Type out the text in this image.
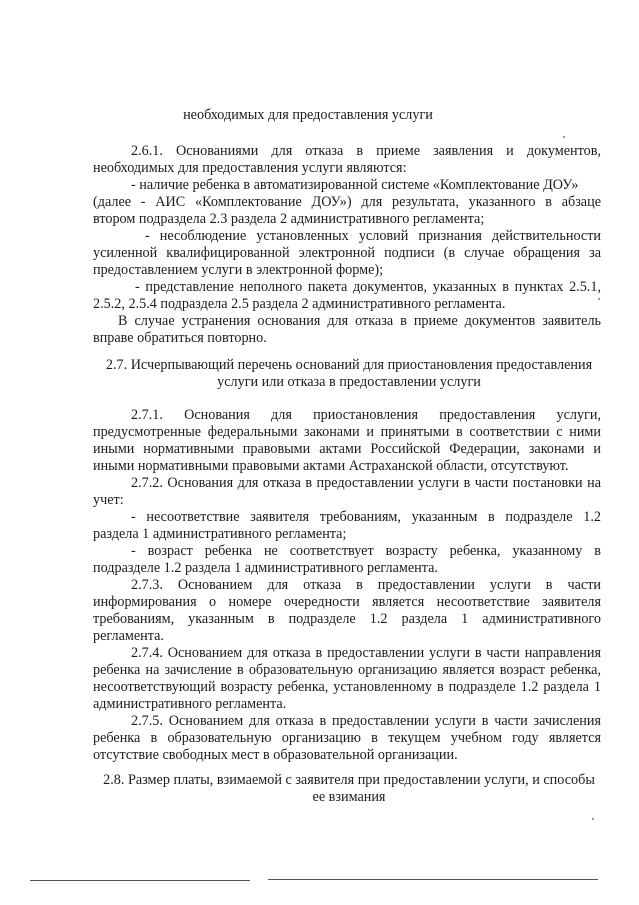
необходимых для предоставления услуги

2.6.1. Основаниями для отказа в приеме заявления и документов,

необходимых для предоставления услуги являются:

- наличие ребенка в автоматизированной системе «Комплектование ДОУ»

(далее - АИС «Комплектование ДОУ») для результата, указанного в абзаце

втором подраздела 2.3 раздела 2 административного регламента;

- несоблюдение установленных условий признания действительности

усиленной квалифицированной электронной подписи (в случае обращения за

предоставлением услуги в электронной форме);

- представление неполного пакета документов, указанных в пунктах 2.5.1,

2.5.2, 2.5.4 подраздела 2.5 раздела 2 административного регламента.

В случае устранения основания для отказа в приеме документов заявитель

вправе обратиться повторно.

2.7. Исчерпывающий перечень оснований для приостановления предоставления

услуги или отказа в предоставлении услуги

2.7.1. Основания для приостановления предоставления услуги,

предусмотренные федеральными законами и принятыми в соответствии с ними

иными нормативными правовыми актами Российской Федерации, законами и

иными нормативными правовыми актами Астраханской области, отсутствуют.

2.7.2. Основания для отказа в предоставлении услуги в части постановки на

учет:

- несоответствие заявителя требованиям, указанным в подразделе 1.2

раздела 1 административного регламента;

- возраст ребенка не соответствует возрасту ребенка, указанному в

подразделе 1.2 раздела 1 административного регламента.

2.7.3. Основанием для отказа в предоставлении услуги в части

информирования о номере очередности является несоответствие заявителя

требованиям, указанным в подразделе 1.2 раздела 1 административного

регламента.

2.7.4. Основанием для отказа в предоставлении услуги в части направления

ребенка на зачисление в образовательную организацию является возраст ребенка,

несоответствующий возрасту ребенка, установленному в подразделе 1.2 раздела 1

административного регламента.

2.7.5. Основанием для отказа в предоставлении услуги в части зачисления

ребенка в образовательную организацию в текущем учебном году является

отсутствие свободных мест в образовательной организации.

2.8. Размер платы, взимаемой с заявителя при предоставлении услуги, и способы

ее взимания
